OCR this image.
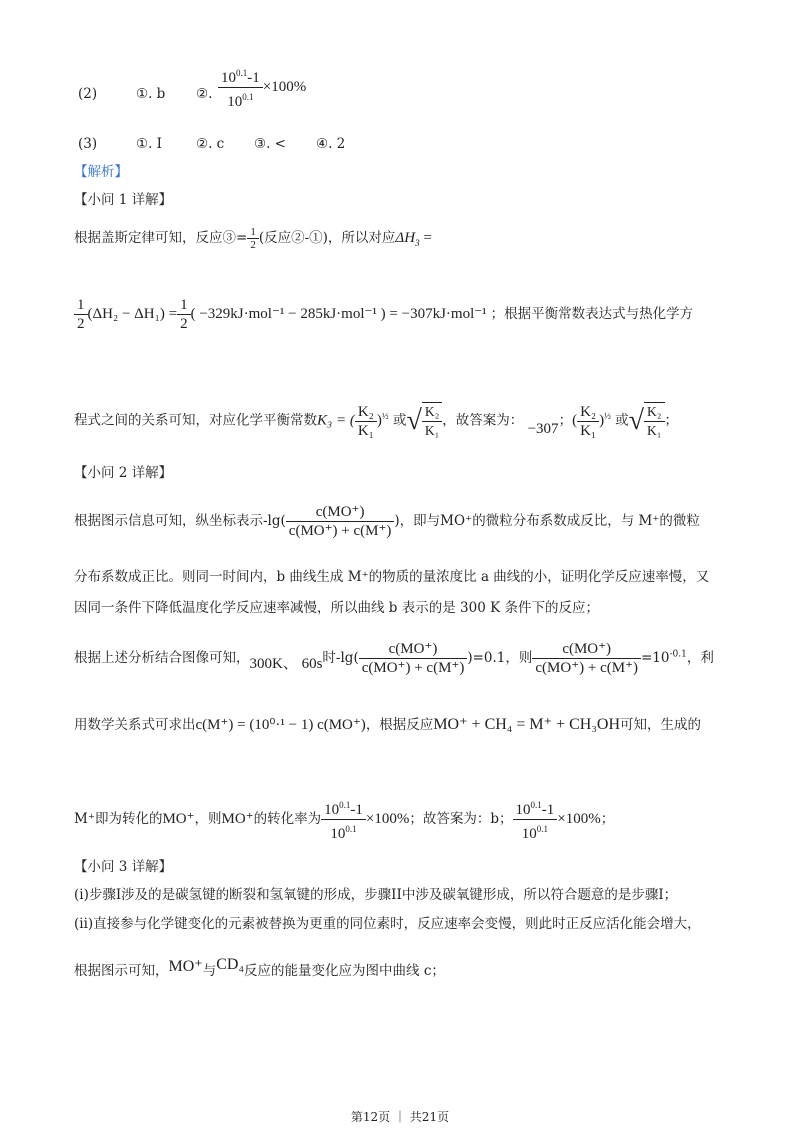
(2)	①. b ②. $\frac{10^{0.1}-1}{10^{0.1}} \times 100\%$
(3)	①. I	②. c ③. < ④. 2
【解析】
【小问 1 详解】
根据盖斯定律可知，反应③= $\frac{1}{2}$ (反应②-①)，所以对应$\Delta H_3$ =
$\frac{1}{2} (\Delta H_2 - \Delta H_1) = \frac{1}{2}$ ( −329kJ·mol⁻¹ − 285kJ·mol⁻¹ ) = −307kJ·mol⁻¹ ；根据平衡常数表达式与热化学方
程式之间的关系可知，对应化学平衡常数K₃ = ( $\frac{\text{K₂}}{\text{K₁}} )^{\frac{1}{2}}$ 或√ $\frac{\text{K₂}}{\text{K₁}}$ ，故答案为： −307；( $\frac{\text{K₂}}{\text{K₁}} )^{\frac{1}{2}}$ 或√ $\frac{\text{K₂}}{\text{K₁}}$ ；
【小问 2 详解】
根据图示信息可知，纵坐标表示$-\lg( \frac{c(MO^+)}{c(MO^+) + c(M^+)}$ )，即与MO⁺的微粒分布系数成反比，与 M⁺的微粒
分布系数成正比。则同一时间内，b 曲线生成 M⁺的物质的量浓度比 a 曲线的小，证明化学反应速率慢，又
因同一条件下降低温度化学反应速率减慢，所以曲线 b 表示的是 300 K 条件下的反应；
根据上述分析结合图像可知，300K、 60s时$-\lg( \frac{c(MO^+)}{c(MO^+) + c(M^+)} )=0.1$，则 $\frac{c(MO^+)}{c(MO^+) + c(M^+)} =10^{-0.1}$，利
用数学关系式可求出c(M⁺) = (10⁰·¹ − 1) c(MO⁺)，根据反应MO⁺ + CH₄ = M⁺ + CH₃OH可知，生成的
M⁺即为转化的MO⁺，则MO⁺的转化率为 $\frac{10^{0.1}-1}{10^{0.1}} \times 100\%$；故答案为：b； $\frac{10^{0.1}-1}{10^{0.1}} \times 100\%$；
【小问 3 详解】
(i)步骤I涉及的是碳氢键的断裂和氢氧键的形成，步骤II中涉及碳氧键形成，所以符合题意的是步骤I；
(ii)直接参与化学键变化的元素被替换为更重的同位素时，反应速率会变慢，则此时正反应活化能会增大，
根据图示可知，MO⁺与CD₄反应的能量变化应为图中曲线 c；
第12页 ｜ 共21页
